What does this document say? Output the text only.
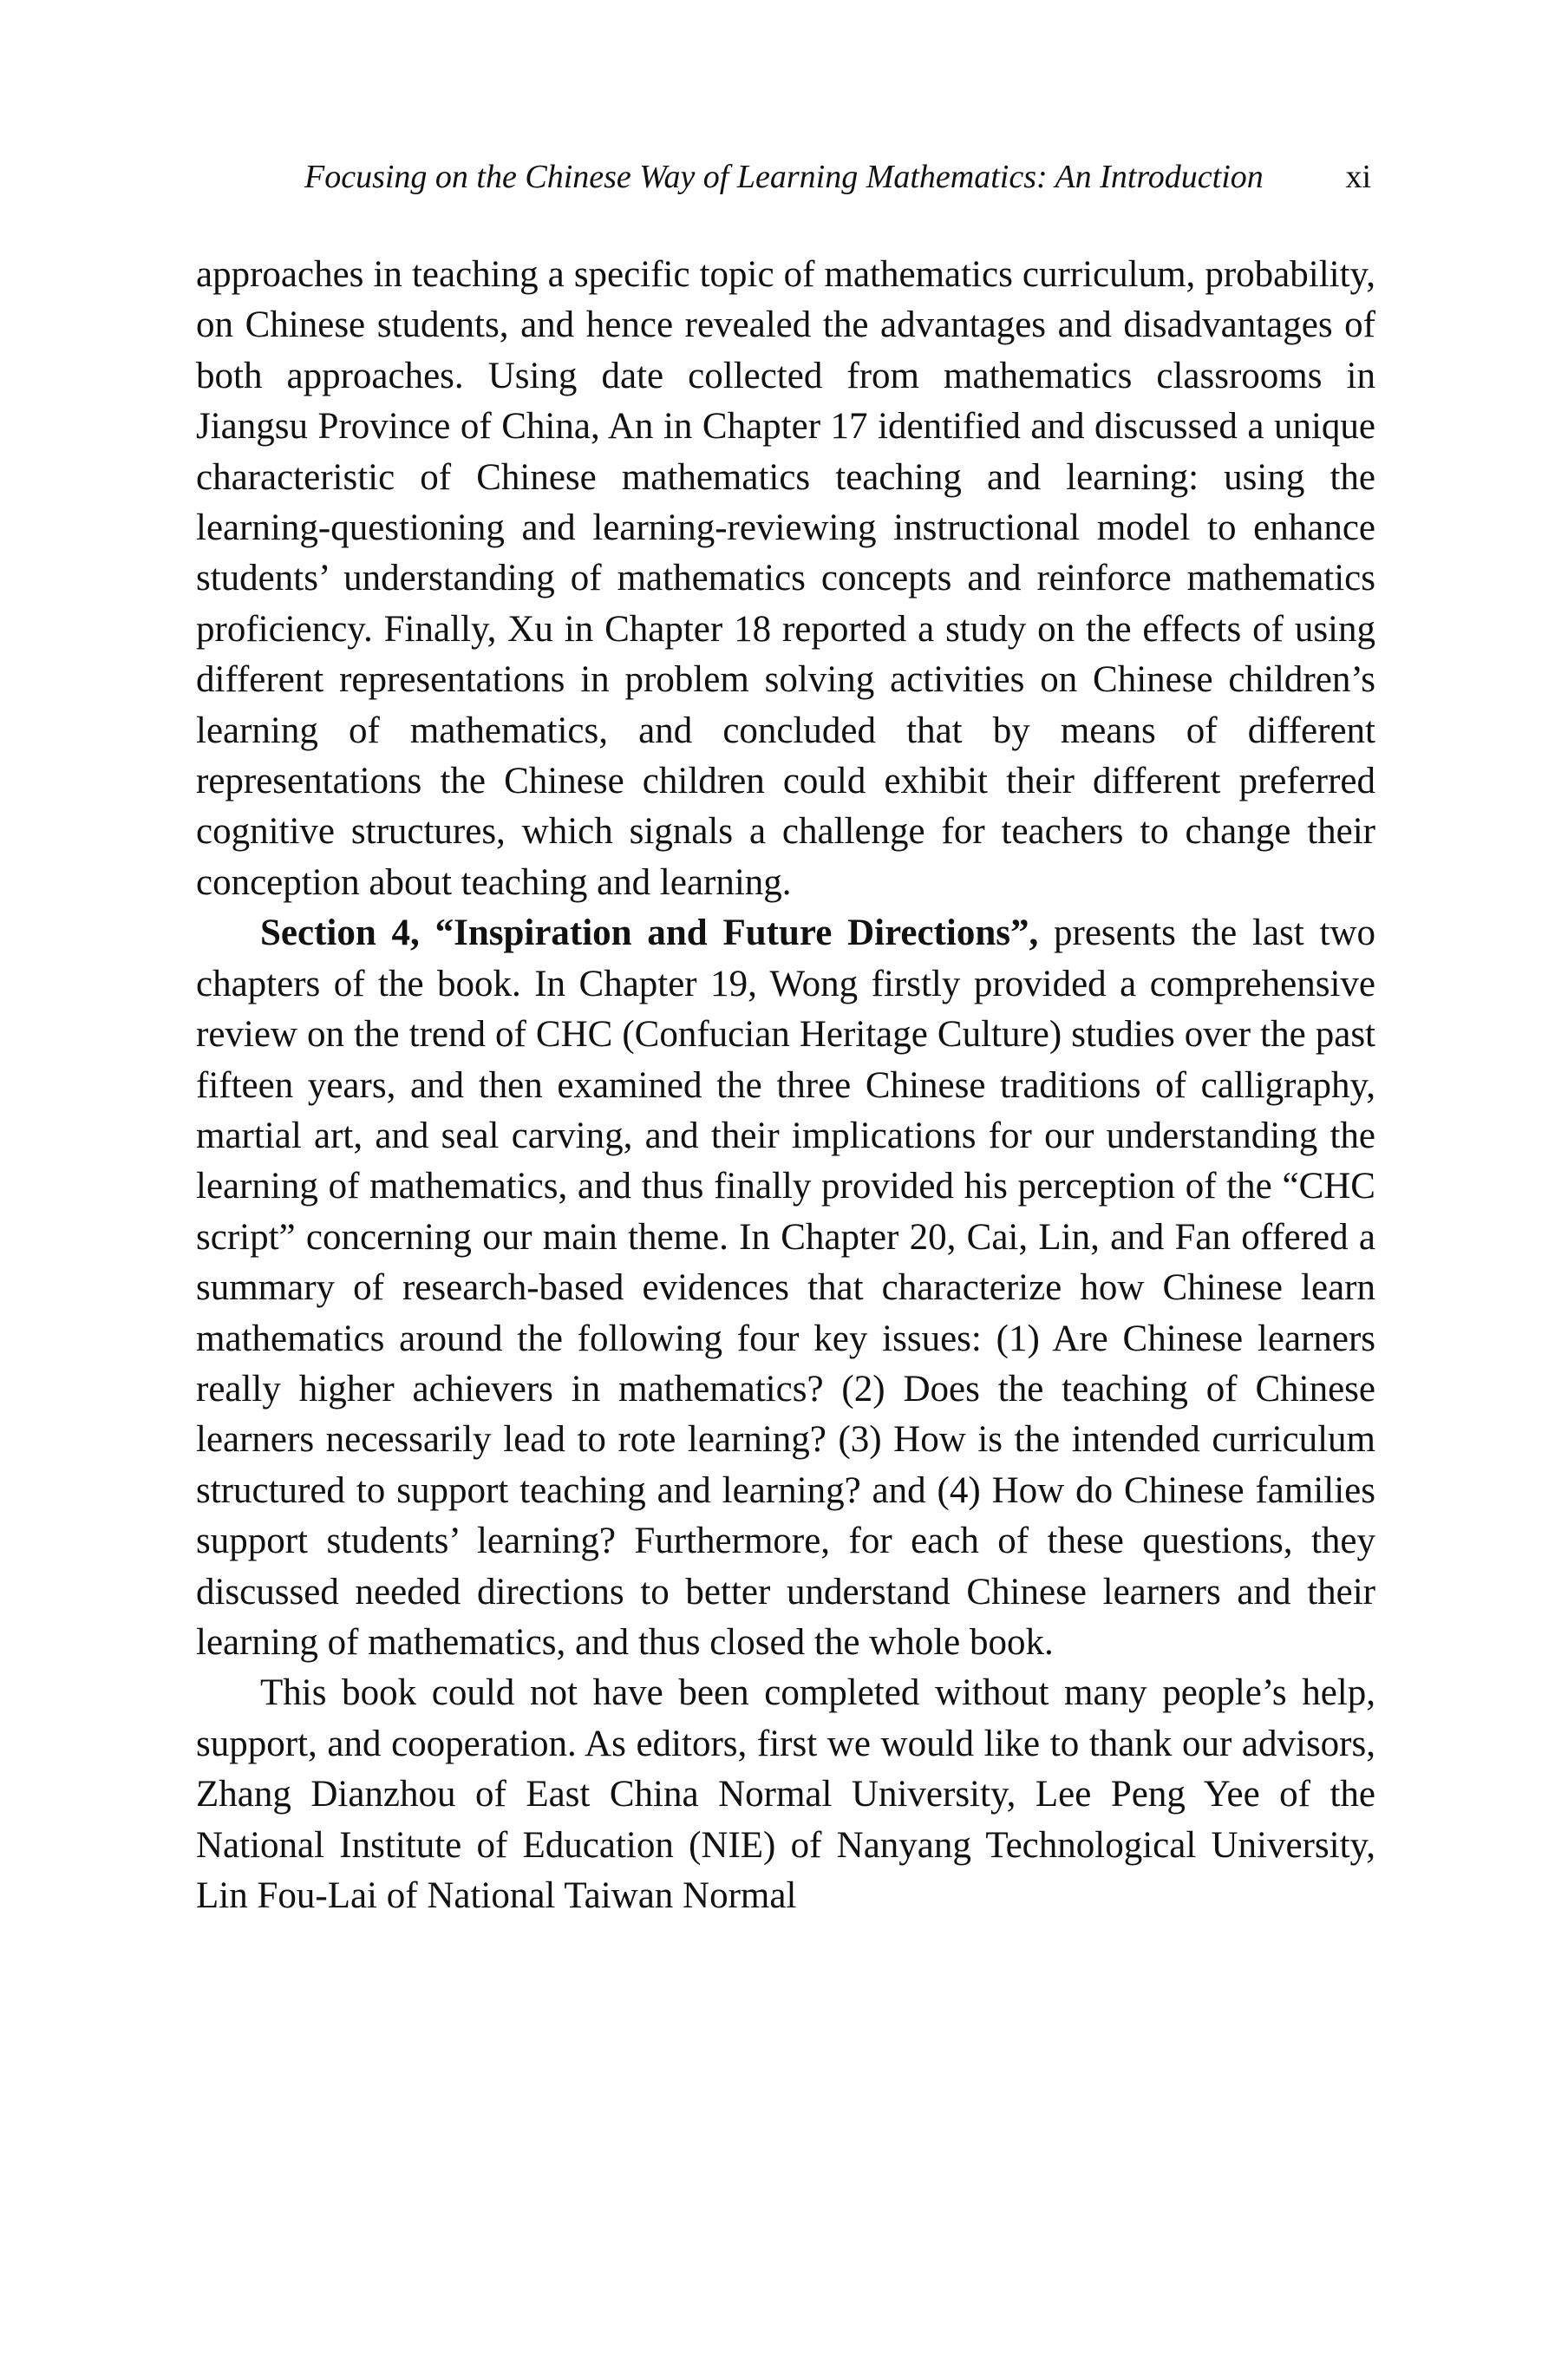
Focusing on the Chinese Way of Learning Mathematics: An Introduction xi

approaches in teaching a specific topic of mathematics curriculum, probability, on Chinese students, and hence revealed the advantages and disadvantages of both approaches. Using date collected from mathematics classrooms in Jiangsu Province of China, An in Chapter 17 identified and discussed a unique characteristic of Chinese mathematics teaching and learning: using the learning-questioning and learning-reviewing instructional model to enhance students’ understanding of mathematics concepts and reinforce mathematics proficiency. Finally, Xu in Chapter 18 reported a study on the effects of using different representations in problem solving activities on Chinese children’s learning of mathematics, and concluded that by means of different representations the Chinese children could exhibit their different preferred cognitive structures, which signals a challenge for teachers to change their conception about teaching and learning.

Section 4, “Inspiration and Future Directions”, presents the last two chapters of the book. In Chapter 19, Wong firstly provided a comprehensive review on the trend of CHC (Confucian Heritage Culture) studies over the past fifteen years, and then examined the three Chinese traditions of calligraphy, martial art, and seal carving, and their implications for our understanding the learning of mathematics, and thus finally provided his perception of the “CHC script” concerning our main theme. In Chapter 20, Cai, Lin, and Fan offered a summary of research-based evidences that characterize how Chinese learn mathematics around the following four key issues: (1) Are Chinese learners really higher achievers in mathematics? (2) Does the teaching of Chinese learners necessarily lead to rote learning? (3) How is the intended curriculum structured to support teaching and learning? and (4) How do Chinese families support students’ learning? Furthermore, for each of these questions, they discussed needed directions to better understand Chinese learners and their learning of mathematics, and thus closed the whole book.

This book could not have been completed without many people’s help, support, and cooperation. As editors, first we would like to thank our advisors, Zhang Dianzhou of East China Normal University, Lee Peng Yee of the National Institute of Education (NIE) of Nanyang Technological University, Lin Fou-Lai of National Taiwan Normal
